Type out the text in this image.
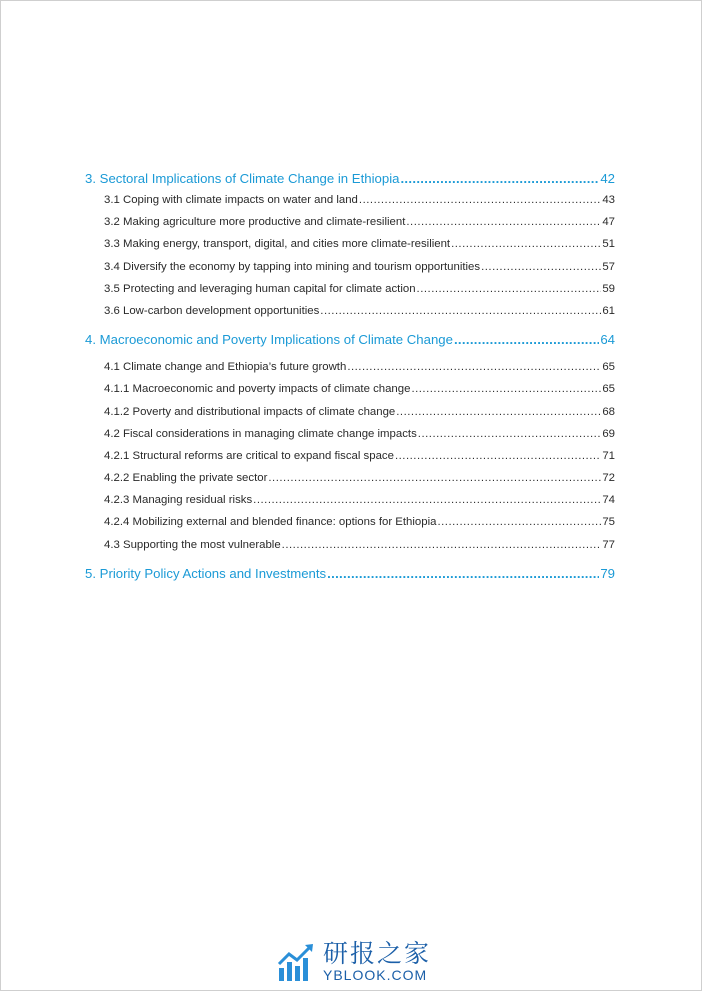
3. Sectoral Implications of Climate Change in Ethiopia .....	42
3.1 Coping with climate impacts on water and land .....	43
3.2 Making agriculture more productive and climate-resilient .....	47
3.3 Making energy, transport, digital, and cities more climate-resilient .....	51
3.4 Diversify the economy by tapping into mining and tourism opportunities .....	57
3.5 Protecting and leveraging human capital for climate action .....	59
3.6 Low-carbon development opportunities .....	61
4. Macroeconomic and Poverty Implications of Climate Change .....	64
4.1 Climate change and Ethiopia’s future growth .....	65
4.1.1 Macroeconomic and poverty impacts of climate change .....	65
4.1.2 Poverty and distributional impacts of climate change .....	68
4.2 Fiscal considerations in managing climate change impacts .....	69
4.2.1 Structural reforms are critical to expand fiscal space .....	71
4.2.2 Enabling the private sector .....	72
4.2.3 Managing residual risks .....	74
4.2.4 Mobilizing external and blended finance: options for Ethiopia .....	75
4.3 Supporting the most vulnerable .....	77
5. Priority Policy Actions and Investments .....	79
研报之家
YBLOOK.COM
